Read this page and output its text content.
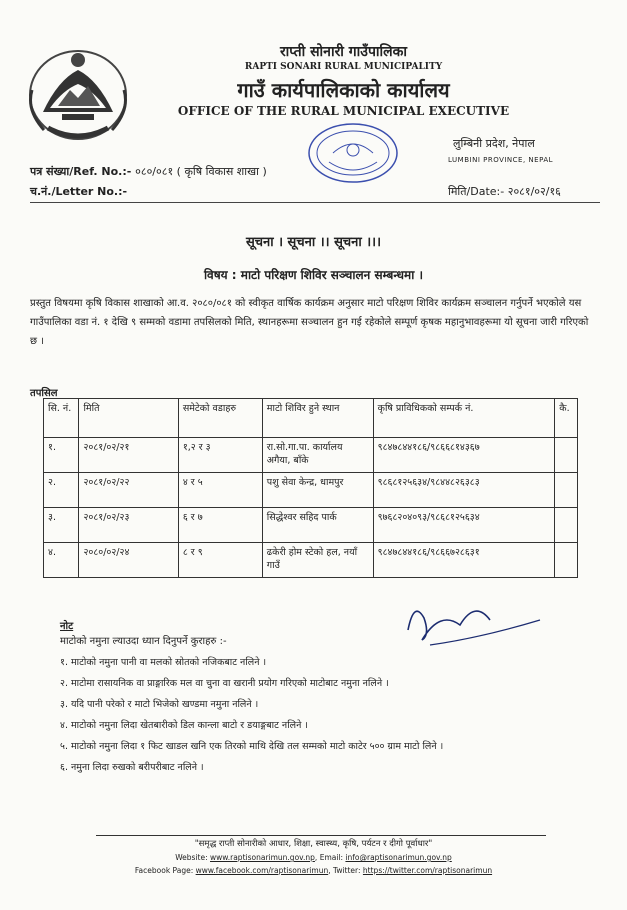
राप्ती सोनारी गाउँपालिका
RAPTI SONARI RURAL MUNICIPALITY
गाउँ कार्यपालिकाको कार्यालय
OFFICE OF THE RURAL MUNICIPAL EXECUTIVE
लुम्बिनी प्रदेश, नेपाल
LUMBINI PROVINCE, NEPAL
पत्र संख्या/Ref. No.:- ०८०/०८१ ( कृषि विकास शाखा )
च.नं./Letter No.:-	मिति/Date:- २०८१/०२/१६
सूचना । सूचना ।। सूचना ।।।
विषय : माटो परिक्षण शिविर सञ्चालन सम्बन्धमा ।
प्रस्तुत विषयमा कृषि विकास शाखाको आ.व. २०८०/०८१ को स्वीकृत वार्षिक कार्यक्रम अनुसार माटो परिक्षण शिविर कार्यक्रम सञ्चालन गर्नुपर्ने भएकोले यस गाउँपालिका वडा नं. १ देखि ९ सम्मको वडामा तपसिलको मिति, स्थानहरूमा सञ्चालन हुन गई रहेकोले सम्पूर्ण कृषक महानुभावहरूमा यो सूचना जारी गरिएको छ ।
तपसिल
सि. नं.	मिति	समेटेको वडाहरु	माटो शिविर हुने स्थान	कृषि प्राविधिकको सम्पर्क नं.	कै.
१.	२०८१/०२/२१	१,२ र ३	रा.सो.गा.पा. कार्यालय अगैया, बाँके	९८४७८४४१८६/९८६६८१४३६७	
२.	२०८१/०२/२२	४ र ५	पशु सेवा केन्द्र, धामपुर	९८६८१२५६३४/९८४४८२६३८३	
३.	२०८१/०२/२३	६ र ७	सिद्धेश्वर सहिद पार्क	९७६८२०४०९३/९८६८१२५६३४	
४.	२०८०/०२/२४	८ र ९	ढकेरी होम स्टेको हल, नयाँ गाउँ	९८४७८४४१८६/९८६६७२८६३१	
नोट
माटोको नमुना ल्याउदा ध्यान दिनुपर्ने कुराहरु :-
१. माटोको नमुना पानी वा मलको स्रोतको नजिकबाट नलिने ।
२. माटोमा रासायनिक वा प्राङ्गारिक मल वा चुना वा खरानी प्रयोग गरिएको माटोबाट नमुना नलिने ।
३. यदि पानी परेको र माटो भिजेको खण्डमा नमुना नलिने ।
४. माटोको नमुना लिदा खेतबारीको डिल कान्ला बाटो र डयाङ्गबाट नलिने ।
५. माटोको नमुना लिदा १ फिट खाडल खनि एक तिरको माथि देखि तल सम्मको माटो काटेर ५०० ग्राम माटो लिने ।
६. नमुना लिदा रुखको बरीपरीबाट नलिने ।
"समृद्ध राप्ती सोनारीको आधार, शिक्षा, स्वास्थ्य, कृषि, पर्यटन र दीगो पूर्वाधार"
Website: www.raptisonarimun.gov.np, Email: info@raptisonarimun.gov.np
Facebook Page: www.facebook.com/raptisonarimun, Twitter: https://twitter.com/raptisonarimun
